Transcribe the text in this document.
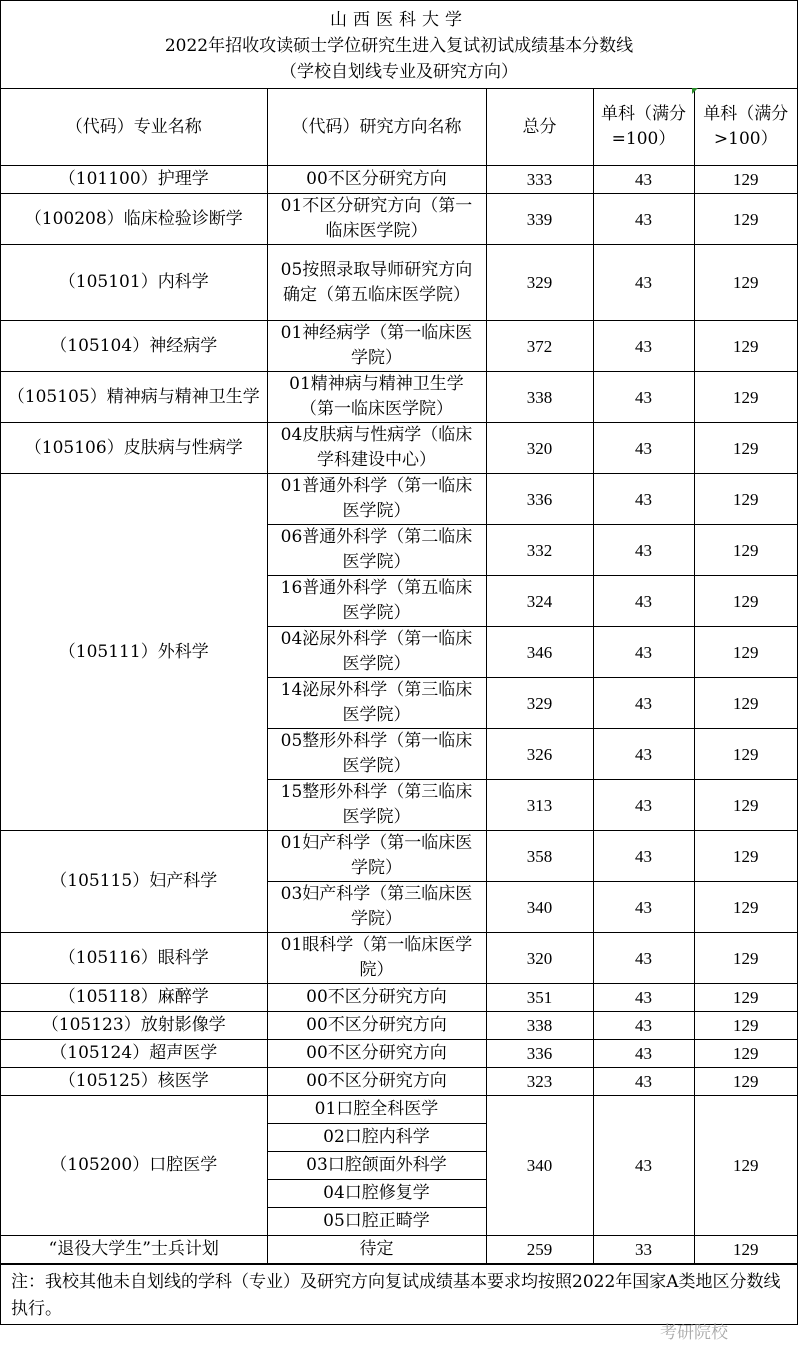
山西医科大学
2022年招收攻读硕士学位研究生进入复试初试成绩基本分数线
（学校自划线专业及研究方向）
（代码）专业名称	（代码）研究方向名称	总分	单科（满分=100）	单科（满分>100）
（101100）护理学	00不区分研究方向	333	43	129
（100208）临床检验诊断学	01不区分研究方向（第一临床医学院）	339	43	129
（105101）内科学	05按照录取导师研究方向确定（第五临床医学院）	329	43	129
（105104）神经病学	01神经病学（第一临床医学院）	372	43	129
（105105）精神病与精神卫生学	01精神病与精神卫生学（第一临床医学院）	338	43	129
（105106）皮肤病与性病学	04皮肤病与性病学（临床学科建设中心）	320	43	129
（105111）外科学	01普通外科学（第一临床医学院）	336	43	129
	06普通外科学（第二临床医学院）	332	43	129
	16普通外科学（第五临床医学院）	324	43	129
	04泌尿外科学（第一临床医学院）	346	43	129
	14泌尿外科学（第三临床医学院）	329	43	129
	05整形外科学（第一临床医学院）	326	43	129
	15整形外科学（第三临床医学院）	313	43	129
（105115）妇产科学	01妇产科学（第一临床医学院）	358	43	129
	03妇产科学（第三临床医学院）	340	43	129
（105116）眼科学	01眼科学（第一临床医学院）	320	43	129
（105118）麻醉学	00不区分研究方向	351	43	129
（105123）放射影像学	00不区分研究方向	338	43	129
（105124）超声医学	00不区分研究方向	336	43	129
（105125）核医学	00不区分研究方向	323	43	129
（105200）口腔医学	01口腔全科医学	340	43	129
	02口腔内科学			
	03口腔颌面外科学			
	04口腔修复学			
	05口腔正畸学			
“退役大学生”士兵计划	待定	259	33	129
注：我校其他未自划线的学科（专业）及研究方向复试成绩基本要求均按照2022年国家A类地区分数线执行。
考研院校
